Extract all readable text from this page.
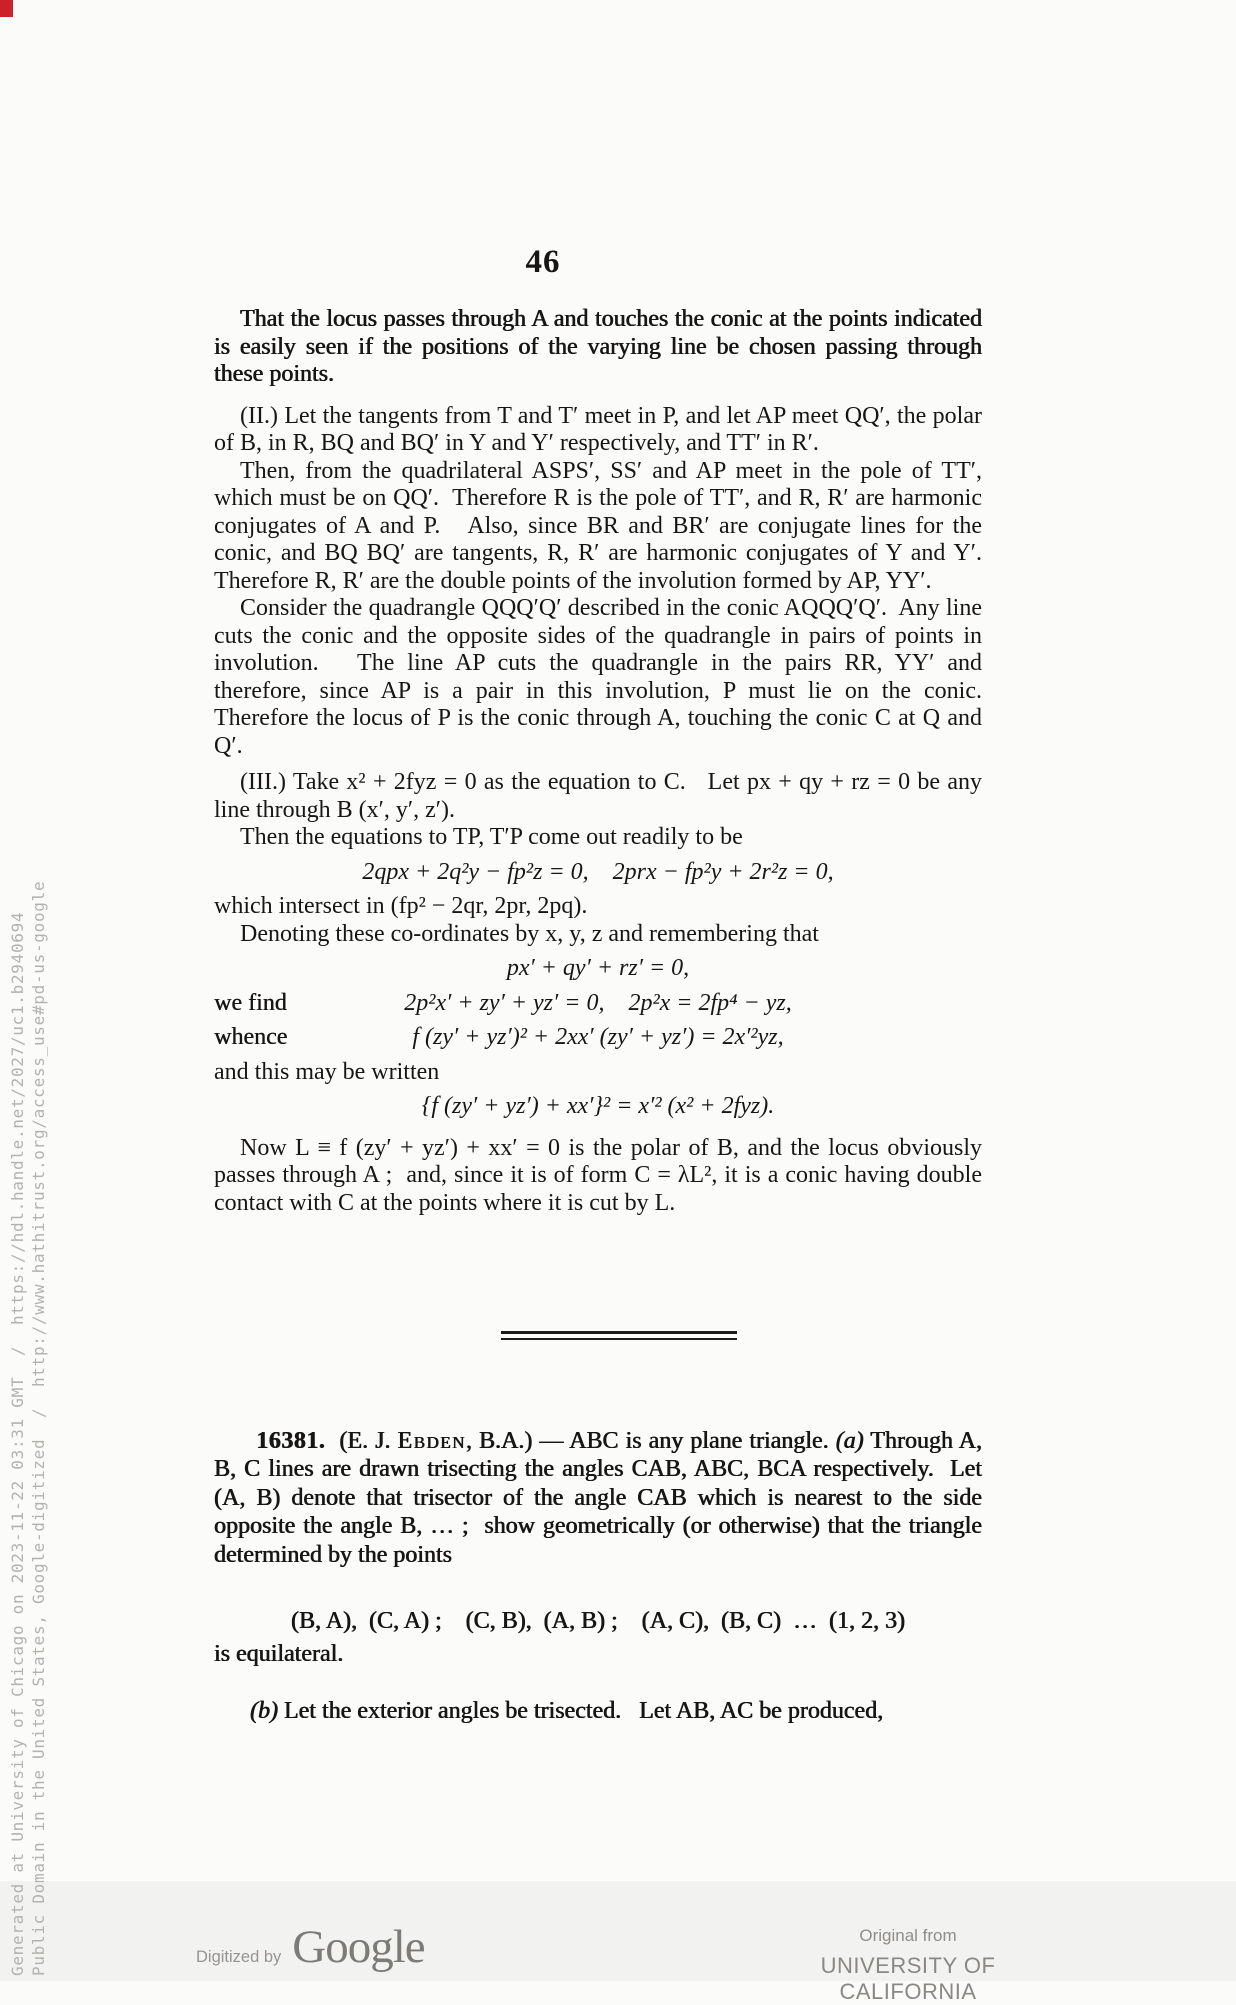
Generated at University of Chicago on 2023-11-22 03:31 GMT  /  https://hdl.handle.net/2027/uc1.b2940694 Public Domain in the United States, Google-digitized  /  http://www.hathitrust.org/access_use#pd-us-google
46

That the locus passes through A and touches the conic at the points indicated is easily seen if the positions of the varying line be chosen passing through these points.

(II.) Let the tangents from T and T′ meet in P, and let AP meet QQ′, the polar of B, in R, BQ and BQ′ in Y and Y′ respectively, and TT′ in R′.

Then, from the quadrilateral ASPS′, SS′ and AP meet in the pole of TT′, which must be on QQ′.  Therefore R is the pole of TT′, and R, R′ are harmonic conjugates of A and P.   Also, since BR and BR′ are conjugate lines for the conic, and BQ BQ′ are tangents, R, R′ are harmonic conjugates of Y and Y′.  Therefore R, R′ are the double points of the involution formed by AP, YY′.

Consider the quadrangle QQQ′Q′ described in the conic AQQQ′Q′.  Any line cuts the conic and the opposite sides of the quadrangle in pairs of points in involution.   The line AP cuts the quadrangle in the pairs RR, YY′ and therefore, since AP is a pair in this involution, P must lie on the conic.   Therefore the locus of P is the conic through A, touching the conic C at Q and Q′.

(III.) Take x² + 2fyz = 0 as the equation to C.   Let px + qy + rz = 0 be any line through B (x′, y′, z′).

Then the equations to TP, T′P come out readily to be

2qpx + 2q²y − fp²z = 0,    2prx − fp²y + 2r²z = 0,

which intersect in (fp² − 2qr, 2pr, 2pq).

Denoting these co-ordinates by x, y, z and remembering that

px′ + qy′ + rz′ = 0,
we find	2p²x′ + zy′ + yz′ = 0,    2p²x = 2fp⁴ − yz,
whence	f (zy′ + yz′)² + 2xx′ (zy′ + yz′) = 2x′²yz,

and this may be written

{f (zy′ + yz′) + xx′}² = x′² (x² + 2fyz).

Now L ≡ f (zy′ + yz′) + xx′ = 0 is the polar of B, and the locus obviously passes through A ;  and, since it is of form C = λL², it is a conic having double contact with C at the points where it is cut by L.

16381.  (E. J. Ebden, B.A.) — ABC is any plane triangle. (a) Through A, B, C lines are drawn trisecting the angles CAB, ABC, BCA respectively.  Let (A, B) denote that trisector of the angle CAB which is nearest to the side opposite the angle B, … ;  show geometrically (or otherwise) that the triangle determined by the points

(B, A),  (C, A) ;    (C, B),  (A, B) ;    (A, C),  (B, C)  …  (1, 2, 3)

is equilateral.

(b) Let the exterior angles be trisected.   Let AB, AC be produced,

Digitized by Google	Original from
UNIVERSITY OF CALIFORNIA
